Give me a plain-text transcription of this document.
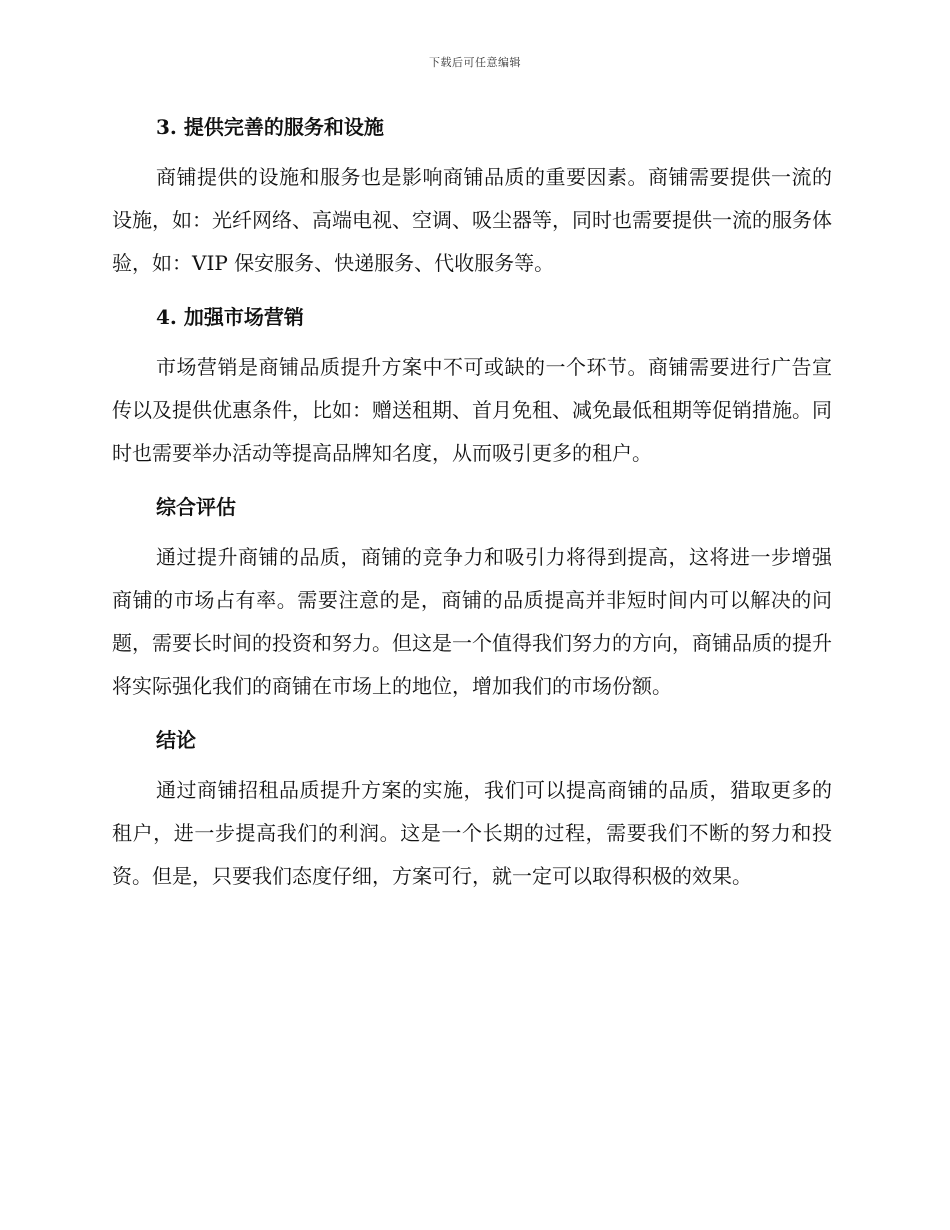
下载后可任意编辑

3. 提供完善的服务和设施

商铺提供的设施和服务也是影响商铺品质的重要因素。商铺需要提供一流的设施，如：光纤网络、高端电视、空调、吸尘器等，同时也需要提供一流的服务体验，如：VIP 保安服务、快递服务、代收服务等。

4. 加强市场营销

市场营销是商铺品质提升方案中不可或缺的一个环节。商铺需要进行广告宣传以及提供优惠条件，比如：赠送租期、首月免租、减免最低租期等促销措施。同时也需要举办活动等提高品牌知名度，从而吸引更多的租户。

综合评估

通过提升商铺的品质，商铺的竞争力和吸引力将得到提高，这将进一步增强商铺的市场占有率。需要注意的是，商铺的品质提高并非短时间内可以解决的问题，需要长时间的投资和努力。但这是一个值得我们努力的方向，商铺品质的提升将实际强化我们的商铺在市场上的地位，增加我们的市场份额。

结论

通过商铺招租品质提升方案的实施，我们可以提高商铺的品质，猎取更多的租户，进一步提高我们的利润。这是一个长期的过程，需要我们不断的努力和投资。但是，只要我们态度仔细，方案可行，就一定可以取得积极的效果。
